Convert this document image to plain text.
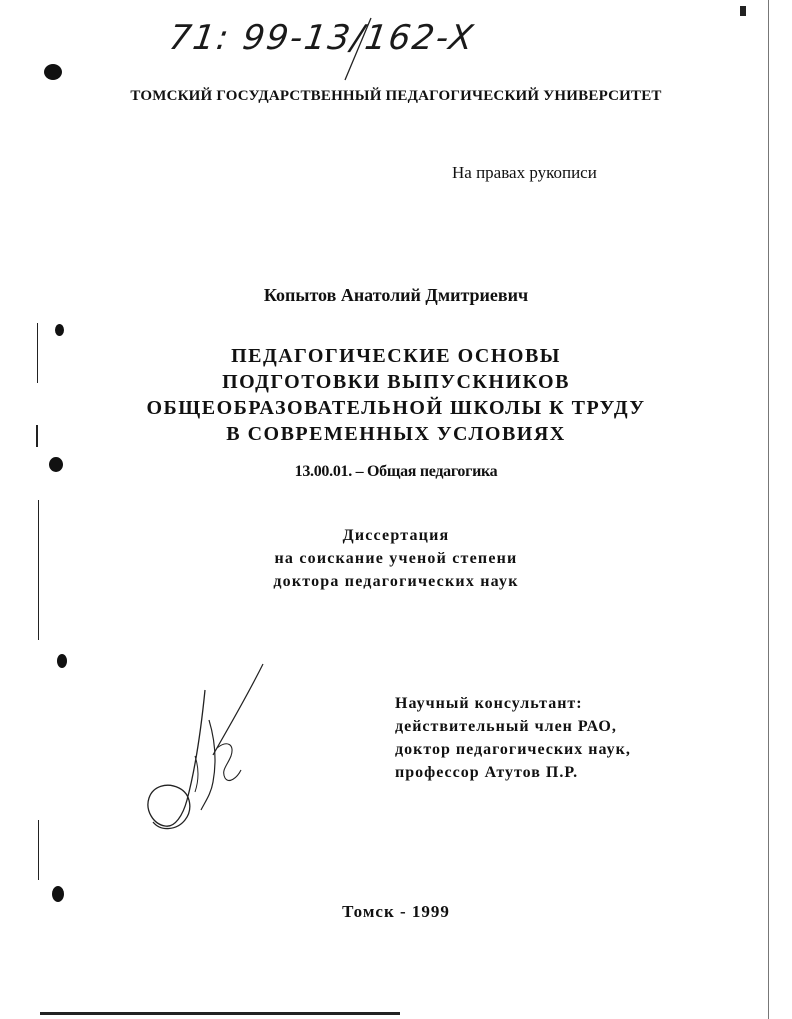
71: 99-13/162-X
ТОМСКИЙ ГОСУДАРСТВЕННЫЙ ПЕДАГОГИЧЕСКИЙ УНИВЕРСИТЕТ
На правах рукописи
Копытов Анатолий Дмитриевич
ПЕДАГОГИЧЕСКИЕ ОСНОВЫ
ПОДГОТОВКИ ВЫПУСКНИКОВ
ОБЩЕОБРАЗОВАТЕЛЬНОЙ ШКОЛЫ К ТРУДУ
В СОВРЕМЕННЫХ УСЛОВИЯХ
13.00.01. – Общая педагогика
Диссертация
на соискание ученой степени
доктора педагогических наук
Научный консультант:
действительный член РАО,
доктор педагогических наук,
профессор Атутов П.Р.
Томск - 1999
